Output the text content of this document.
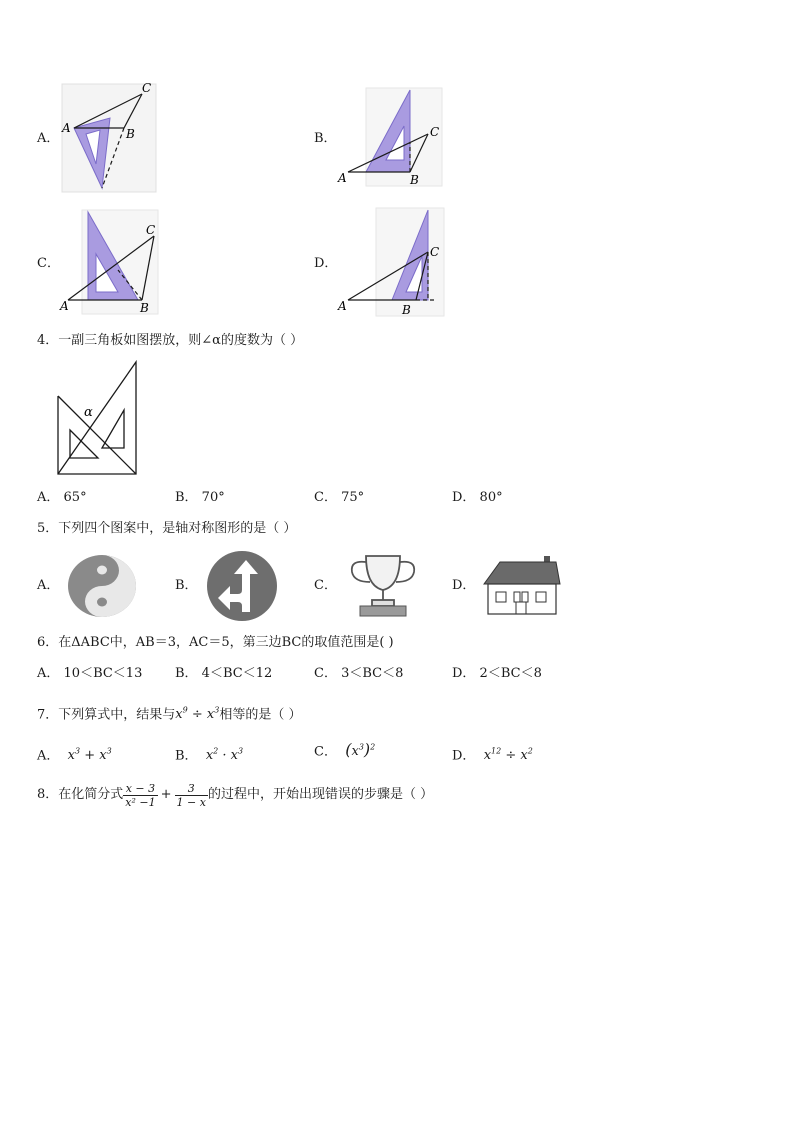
A．
A	B
C
B．
A	B
C
C．
A	B
C
D．
A	B
C
4．一副三角板如图摆放，则∠α的度数为（ ）
α
A． 65°	B． 70°	C． 75°	D． 80°
5．下列四个图案中，是轴对称图形的是（ ）
A．	B．	C．	D．
6．在ΔABC中，AB＝3，AC＝5，第三边BC的取值范围是( )
A． 10＜BC＜13	B． 4＜BC＜12	C． 3＜BC＜8	D． 2＜BC＜8
7．下列算式中，结果与$x^9 \div x^3$相等的是（ ）
A． $x^3 + x^3$	B． $x^2 \cdot x^3$	C． $(x^3)^2$
D． $x^{12} \div x^2$
8．在化简分式 $\frac{x - 3}{\text{x² −1}} + \frac{3}{1 - x}$ 的过程中，开始出现错误的步骤是（ ）
